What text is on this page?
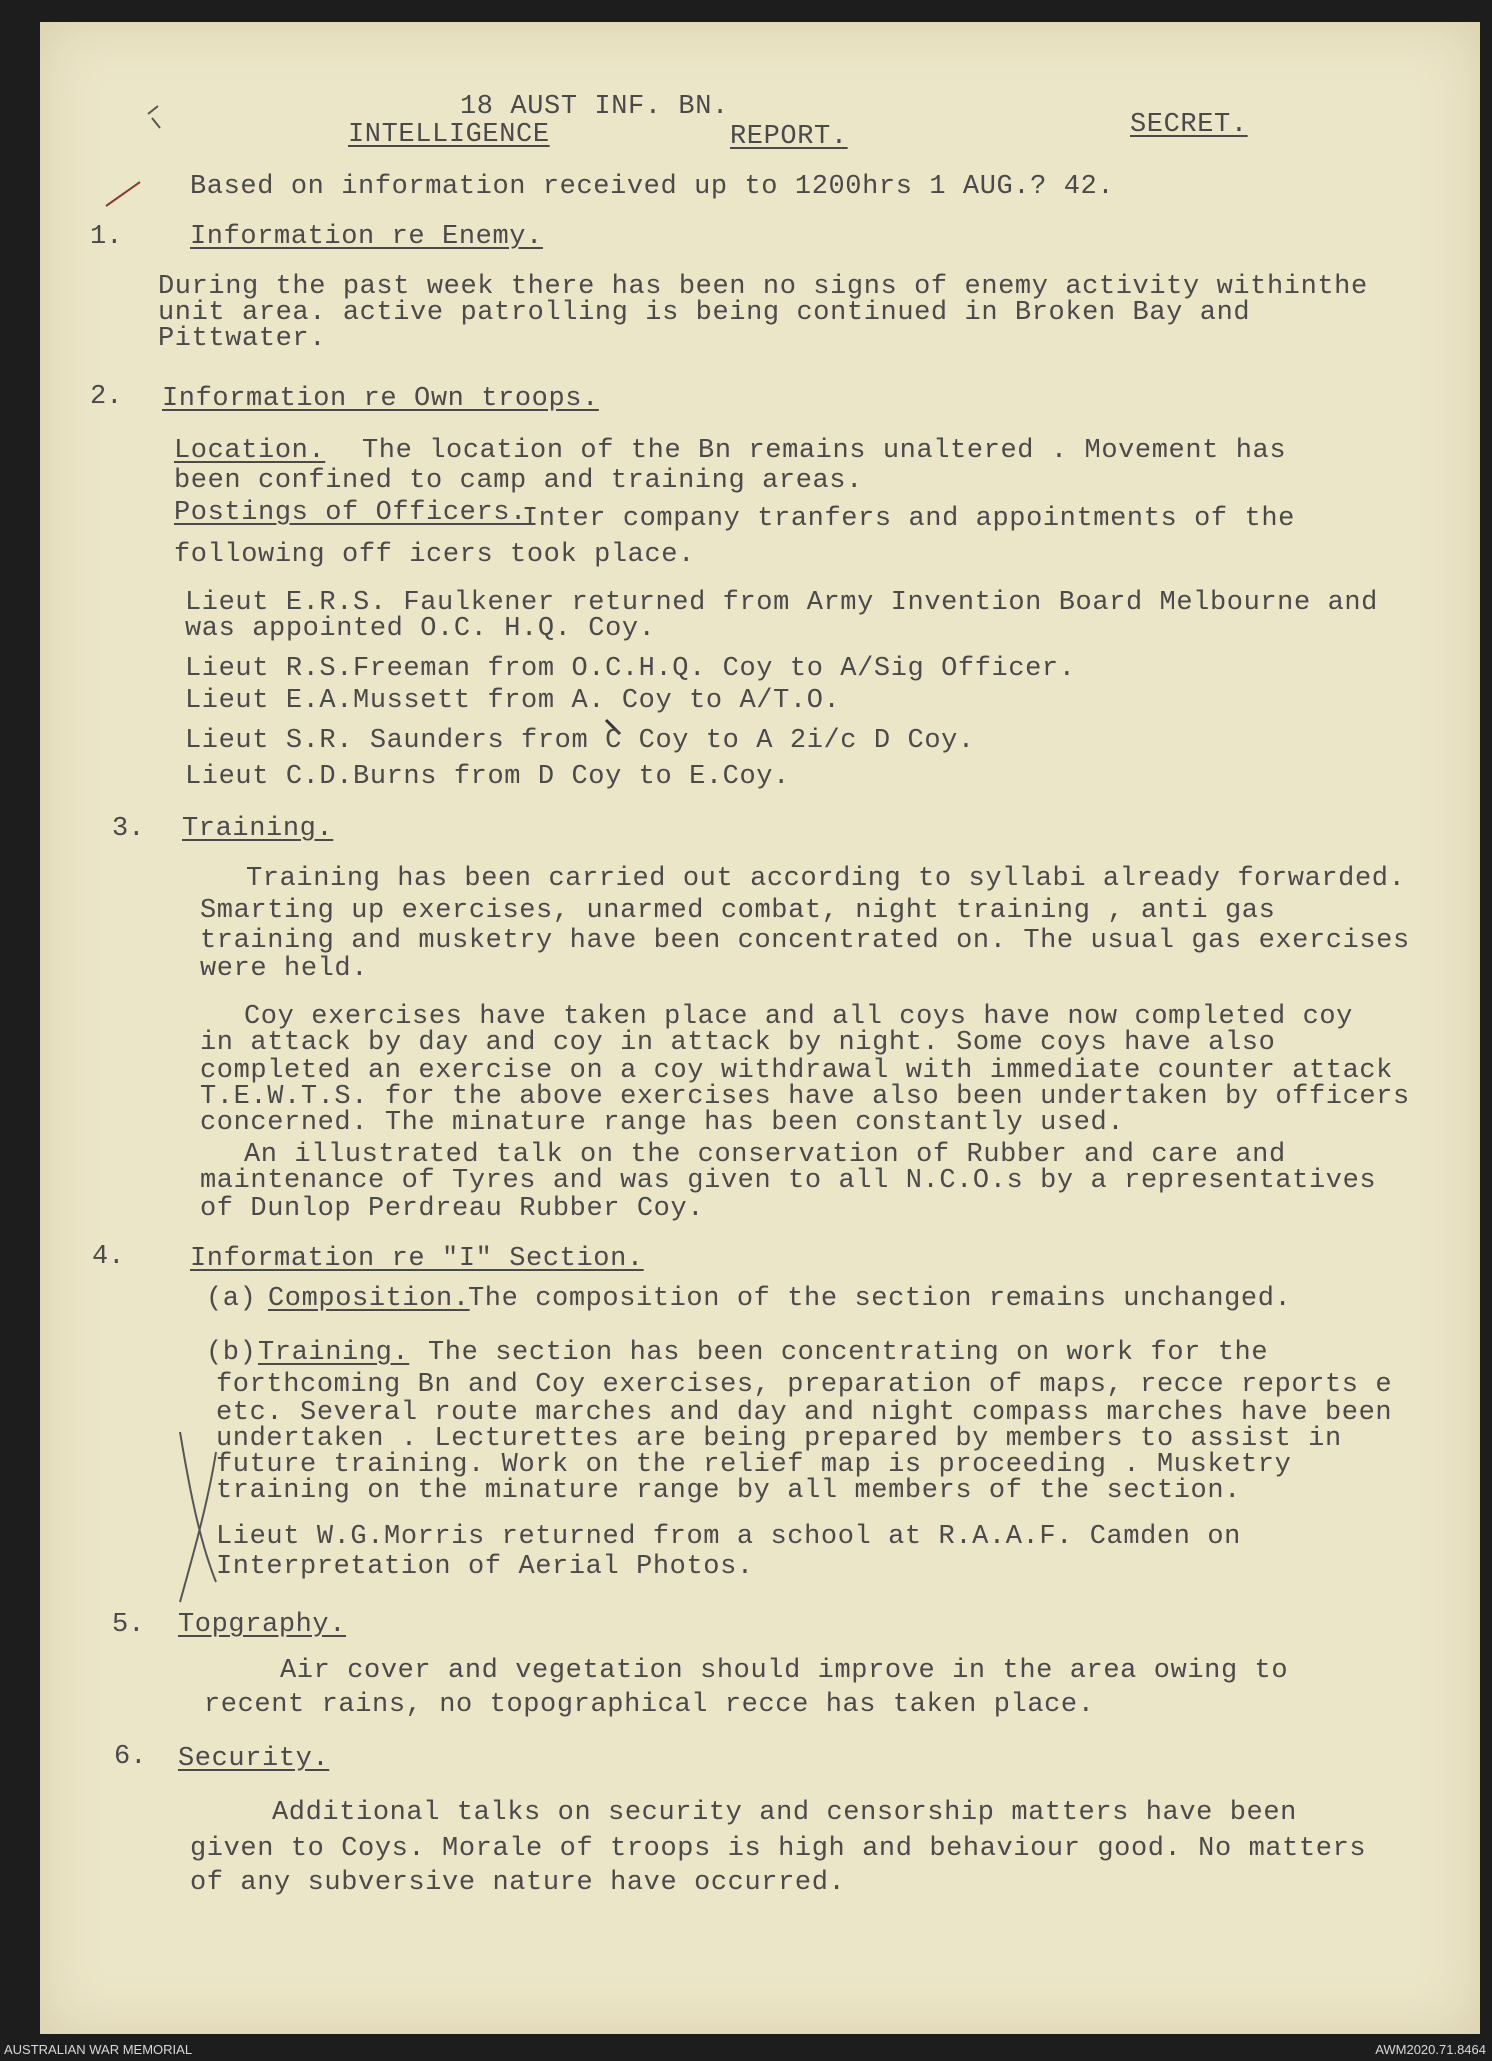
18 AUST INF. BN.
INTELLIGENCE	REPORT.	SECRET.
Based on information received up to 1200hrs 1 AUG.? 42.
1.	Information re Enemy.
During the past week there has been no signs of enemy activity withinthe
unit area. active patrolling is being continued in Broken Bay and
Pittwater.
2. Information re Own troops.
Location. The location of the Bn remains unaltered . Movement has
been confined to camp and training areas.
Postings of Officers.
Inter company tranfers and appointments of the
following off icers took place.
Lieut E.R.S. Faulkener returned from Army Invention Board Melbourne and
was appointed O.C. H.Q. Coy.
Lieut R.S.Freeman from O.C.H.Q. Coy to A/Sig Officer.
Lieut E.A.Mussett from A. Coy to A/T.O.
Lieut S.R. Saunders from C Coy to A 2i/c D Coy.
Lieut C.D.Burns from D Coy to E.Coy.
3. Training.
Training has been carried out according to syllabi already forwarded.
Smarting up exercises, unarmed combat, night training , anti gas
training and musketry have been concentrated on. The usual gas exercises
were held.
Coy exercises have taken place and all coys have now completed coy
in attack by day and coy in attack by night. Some coys have also
completed an exercise on a coy withdrawal with immediate counter attack
T.E.W.T.S. for the above exercises have also been undertaken by officers
concerned. The minature range has been constantly used.
An illustrated talk on the conservation of Rubber and care and
maintenance of Tyres and was given to all N.C.O.s by a representatives
of Dunlop Perdreau Rubber Coy.
4. Information re "I" Section.
(a) Composition.
The composition of the section remains unchanged.
(b) Training. The section has been concentrating on work for the
forthcoming Bn and Coy exercises, preparation of maps, recce reports e
etc. Several route marches and day and night compass marches have been
undertaken . Lecturettes are being prepared by members to assist in
future training. Work on the relief map is proceeding . Musketry
training on the minature range by all members of the section.
Lieut W.G.Morris returned from a school at R.A.A.F. Camden on
Interpretation of Aerial Photos.
5. Topgraphy.
Air cover and vegetation should improve in the area owing to
recent rains, no topographical recce has taken place.
6. Security.
Additional talks on security and censorship matters have been
given to Coys. Morale of troops is high and behaviour good. No matters
of any subversive nature have occurred.
AUSTRALIAN WAR MEMORIAL	AWM2020.71.8464
